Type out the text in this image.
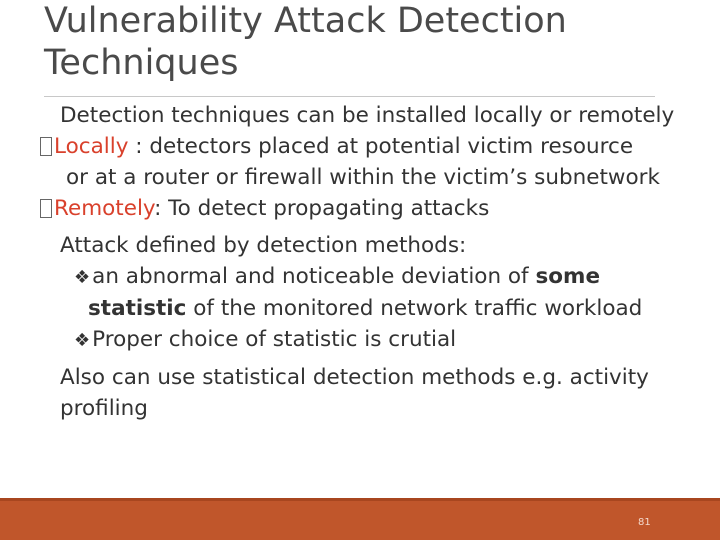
Vulnerability Attack Detection Techniques
Detection techniques can be installed locally or remotely
Locally : detectors placed at potential victim resource
or at a router or firewall within the victim’s subnetwork
Remotely: To detect propagating attacks
Attack defined by detection methods:
❖an abnormal and noticeable deviation of some
statistic of the monitored network traffic workload
❖Proper choice of statistic is crutial
Also can use statistical detection methods e.g. activity
profiling
81
